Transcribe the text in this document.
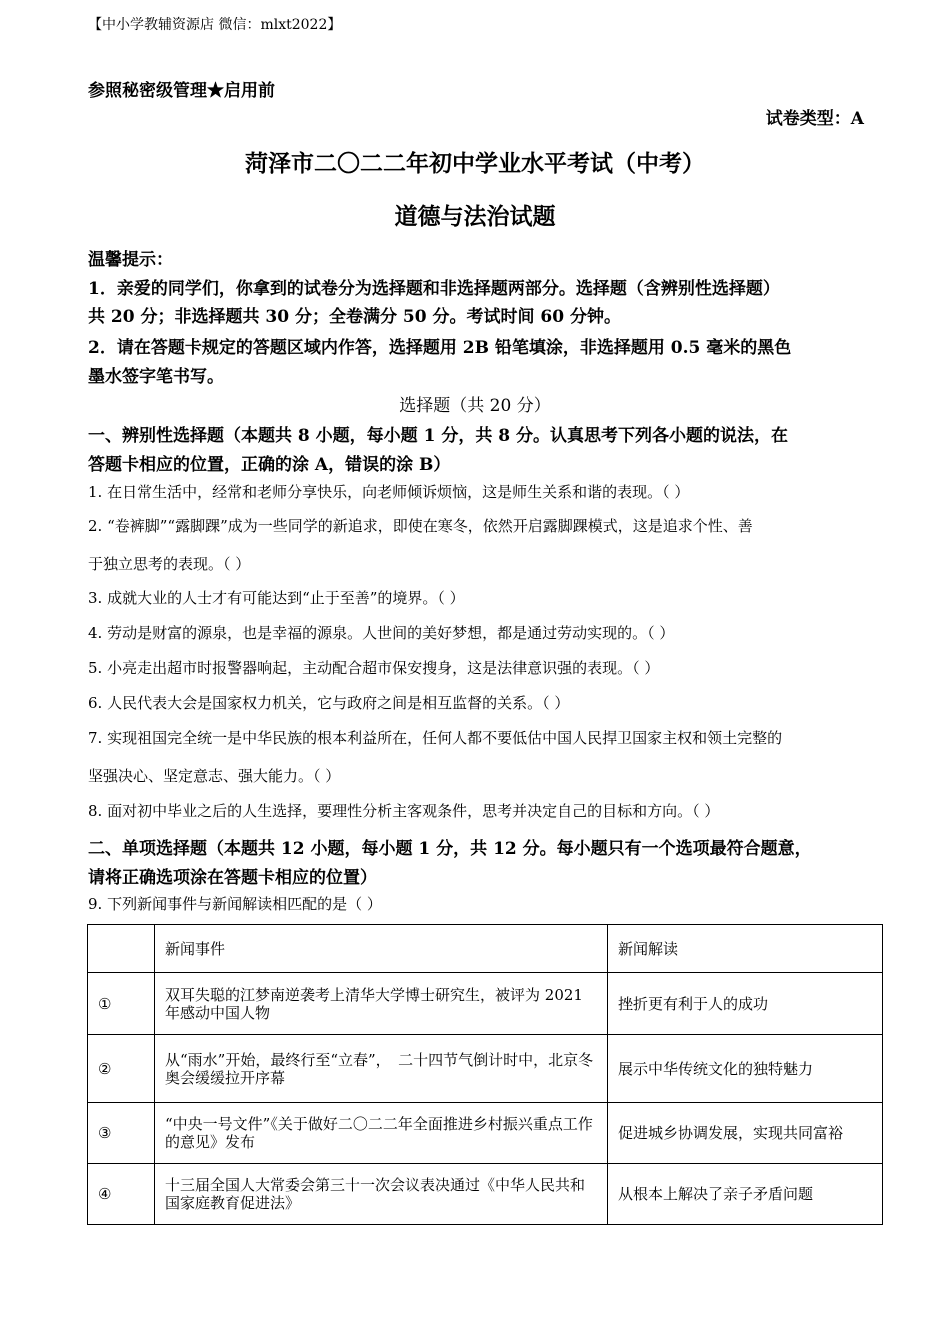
【中小学教辅资源店 微信：mlxt2022】
参照秘密级管理★启用前
试卷类型：A
菏泽市二〇二二年初中学业水平考试（中考）
道德与法治试题
温馨提示：
1．亲爱的同学们，你拿到的试卷分为选择题和非选择题两部分。选择题（含辨别性选择题）
共 20 分；非选择题共 30 分；全卷满分 50 分。考试时间 60 分钟。
2．请在答题卡规定的答题区域内作答，选择题用 2B 铅笔填涂，非选择题用 0.5 毫米的黑色
墨水签字笔书写。
选择题（共 20 分）
一、辨别性选择题（本题共 8 小题，每小题 1 分，共 8 分。认真思考下列各小题的说法，在
答题卡相应的位置，正确的涂 A，错误的涂 B）
1. 在日常生活中，经常和老师分享快乐，向老师倾诉烦恼，这是师生关系和谐的表现。（ ）
2. “卷裤脚”“露脚踝”成为一些同学的新追求，即使在寒冬，依然开启露脚踝模式，这是追求个性、善
于独立思考的表现。（ ）
3. 成就大业的人士才有可能达到“止于至善”的境界。（ ）
4. 劳动是财富的源泉，也是幸福的源泉。人世间的美好梦想，都是通过劳动实现的。（ ）
5. 小亮走出超市时报警器响起，主动配合超市保安搜身，这是法律意识强的表现。（ ）
6. 人民代表大会是国家权力机关，它与政府之间是相互监督的关系。（ ）
7. 实现祖国完全统一是中华民族的根本利益所在，任何人都不要低估中国人民捍卫国家主权和领土完整的
坚强决心、坚定意志、强大能力。（ ）
8. 面对初中毕业之后的人生选择，要理性分析主客观条件，思考并决定自己的目标和方向。（ ）
二、单项选择题（本题共 12 小题，每小题 1 分，共 12 分。每小题只有一个选项最符合题意，
请将正确选项涂在答题卡相应的位置）
9. 下列新闻事件与新闻解读相匹配的是（ ）
	新闻事件	新闻解读
①	双耳失聪的江梦南逆袭考上清华大学博士研究生，被评为 2021 年感动中国人物	挫折更有利于人的成功
②	从“雨水”开始，最终行至“立春”，　二十四节气倒计时中，北京冬奥会缓缓拉开序幕	展示中华传统文化的独特魅力
③	“中央一号文件”《关于做好二〇二二年全面推进乡村振兴重点工作的意见》发布	促进城乡协调发展，实现共同富裕
④	十三届全国人大常委会第三十一次会议表决通过《中华人民共和国家庭教育促进法》	从根本上解决了亲子矛盾问题
